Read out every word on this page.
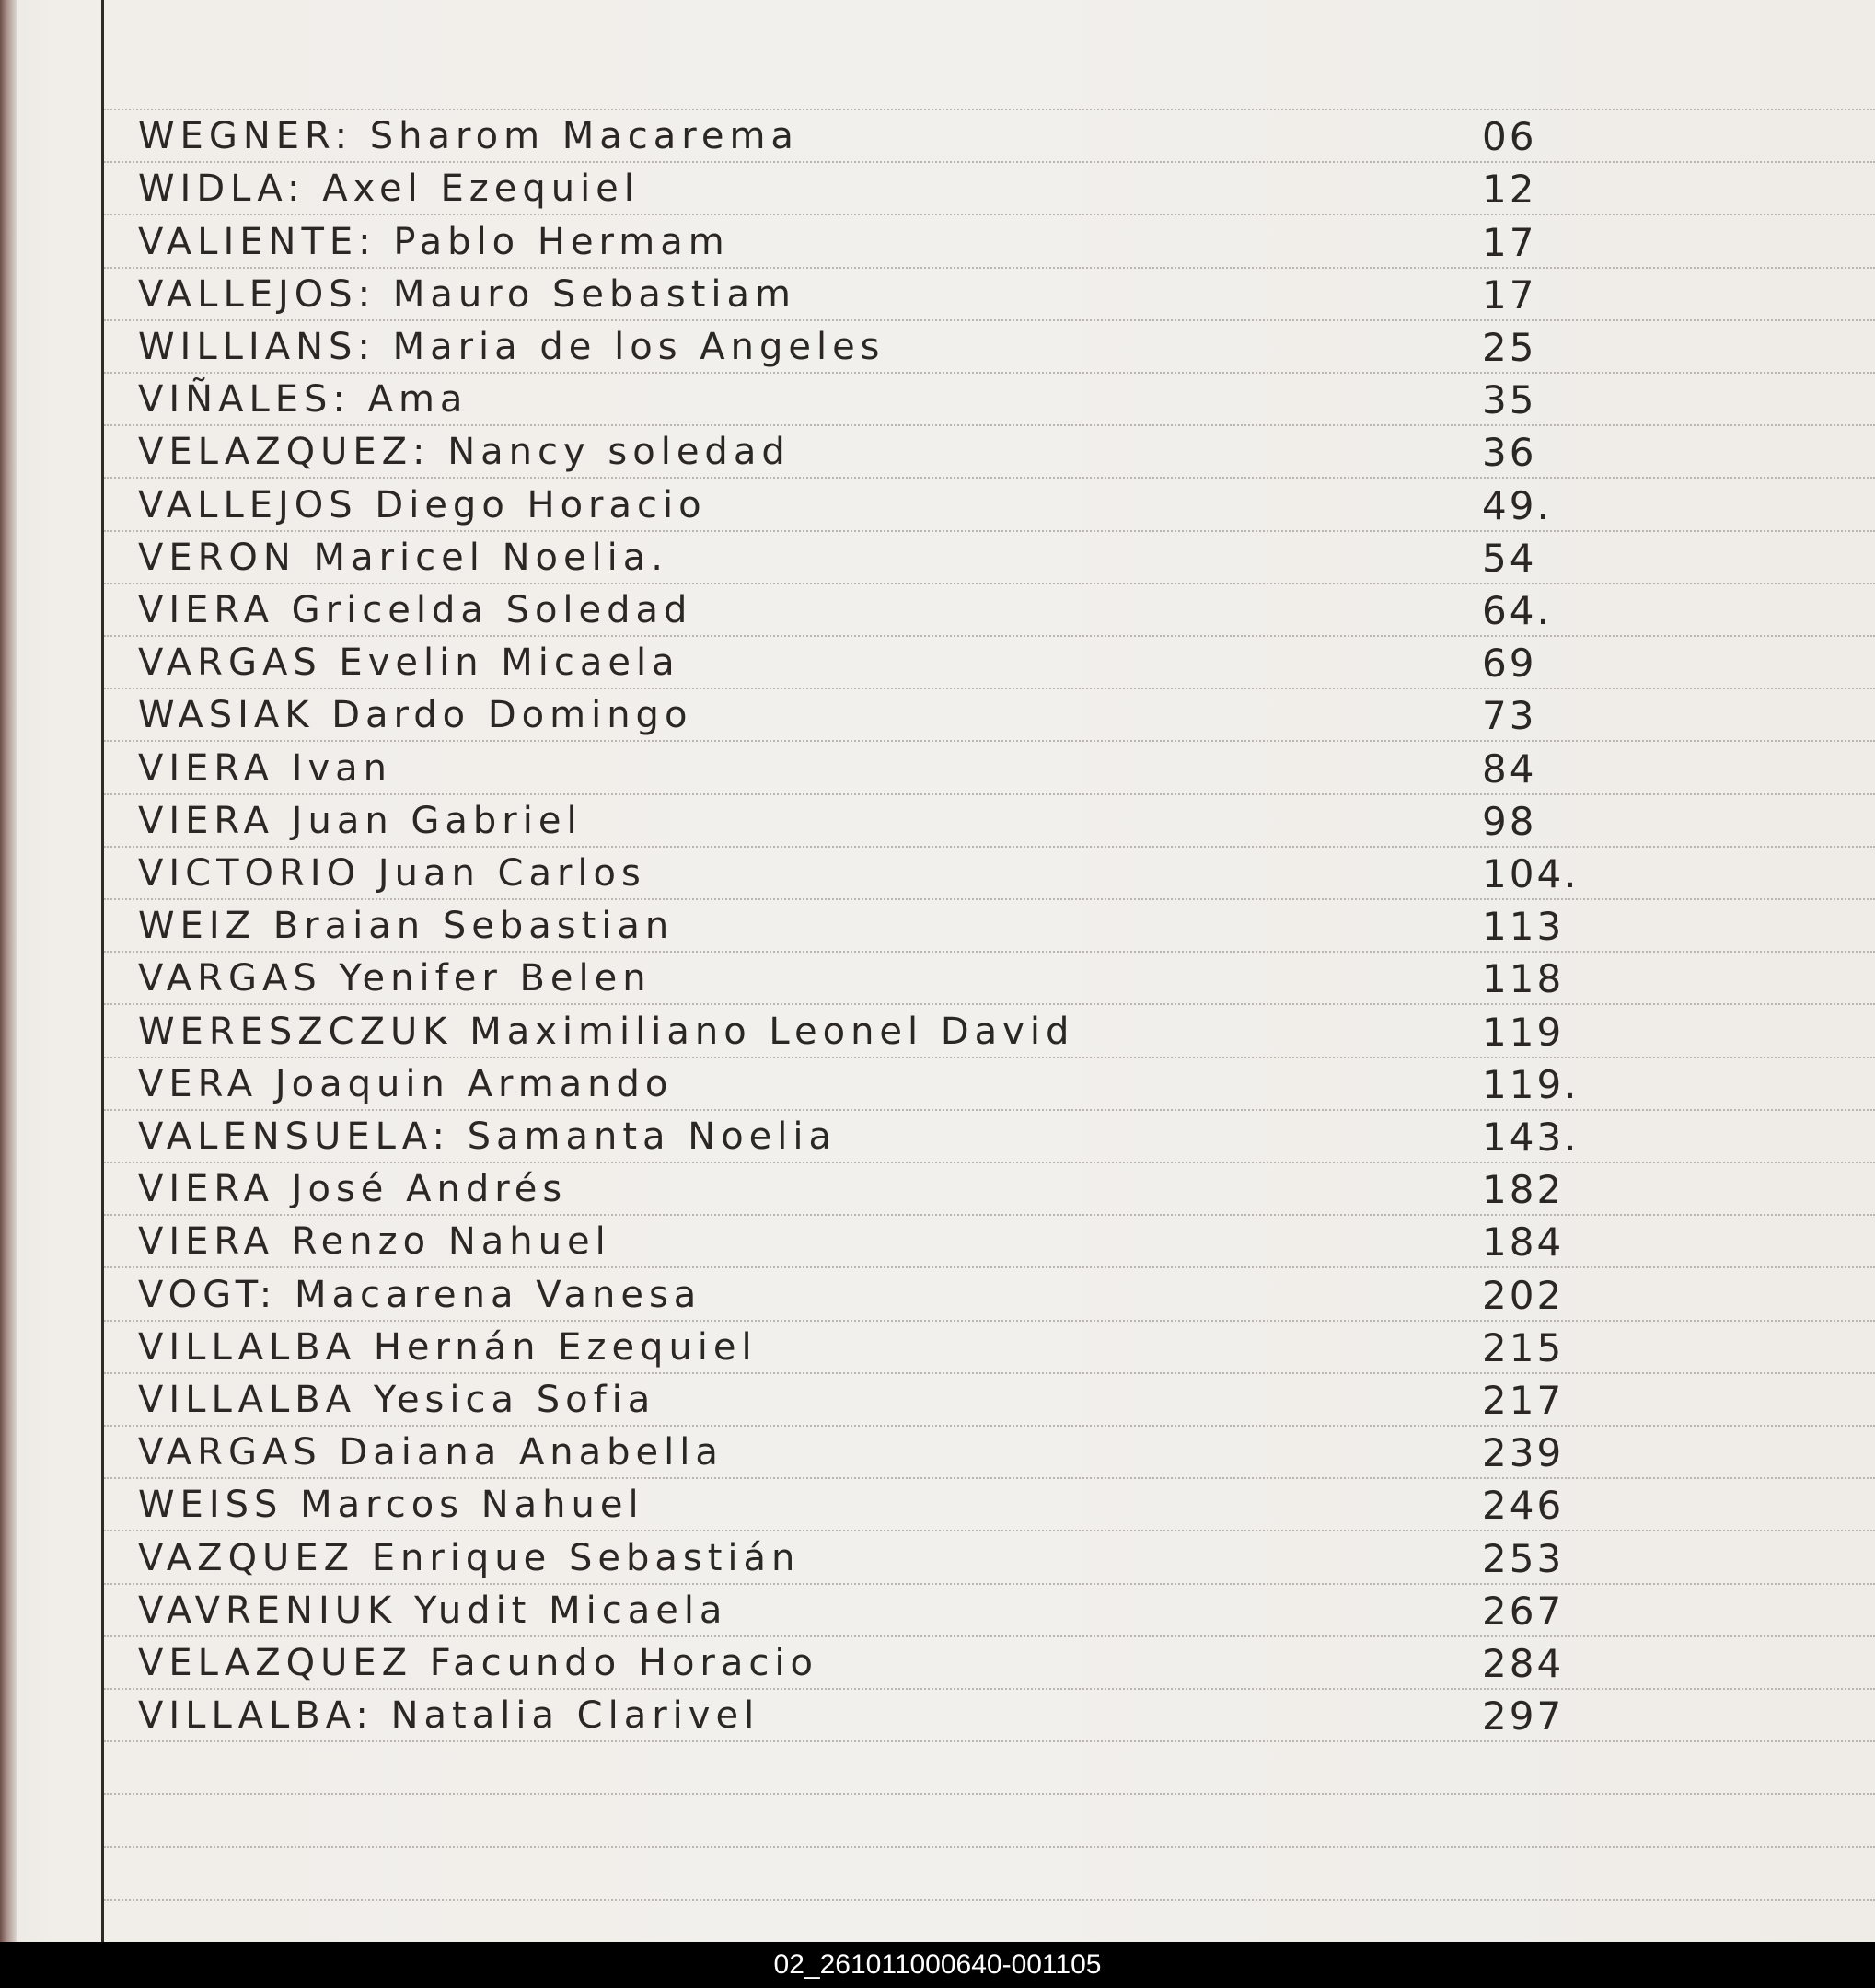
WEGNER: Sharom Macarema	06
WIDLA: Axel Ezequiel	12
VALIENTE: Pablo Hermam	17
VALLEJOS: Mauro Sebastiam	17
WILLIANS: Maria de los Angeles	25
VIÑALES: Ama	35
VELAZQUEZ: Nancy soledad	36
VALLEJOS Diego Horacio	49.
VERON Maricel Noelia.	54
VIERA Gricelda Soledad	64.
VARGAS Evelin Micaela	69
WASIAK Dardo Domingo	73
VIERA Ivan	84
VIERA Juan Gabriel	98
VICTORIO Juan Carlos	104.
WEIZ Braian Sebastian	113
VARGAS Yenifer Belen	118
WERESZCZUK Maximiliano Leonel David	119
VERA Joaquin Armando	119.
VALENSUELA: Samanta Noelia	143.
VIERA José Andrés	182
VIERA Renzo Nahuel	184
VOGT: Macarena Vanesa	202
VILLALBA Hernán Ezequiel	215
VILLALBA Yesica Sofia	217
VARGAS Daiana Anabella	239
WEISS Marcos Nahuel	246
VAZQUEZ Enrique Sebastián	253
VAVRENIUK Yudit Micaela	267
VELAZQUEZ Facundo Horacio	284
VILLALBA: Natalia Clarivel	297
02_261011000640-001105
